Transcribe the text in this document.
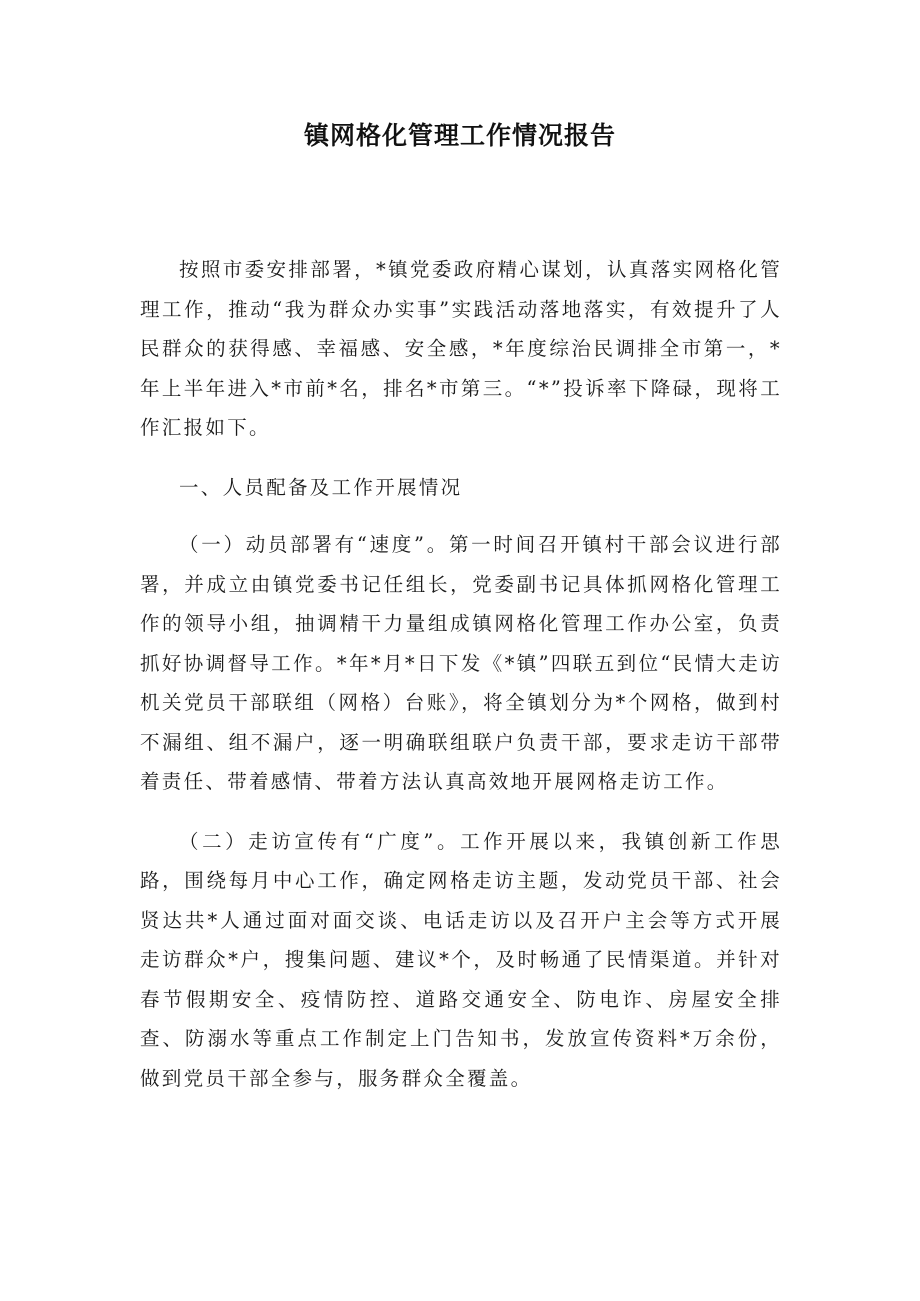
镇网格化管理工作情况报告

按照市委安排部署，*镇党委政府精心谋划，认真落实网格化管理工作，推动“我为群众办实事”实践活动落地落实，有效提升了人民群众的获得感、幸福感、安全感，*年度综治民调排全市第一，*年上半年进入*市前*名，排名*市第三。“*”投诉率下降碌，现将工作汇报如下。

一、人员配备及工作开展情况

（一）动员部署有“速度”。第一时间召开镇村干部会议进行部署，并成立由镇党委书记任组长，党委副书记具体抓网格化管理工作的领导小组，抽调精干力量组成镇网格化管理工作办公室，负责抓好协调督导工作。*年*月*日下发《*镇”四联五到位“民情大走访机关党员干部联组（网格）台账》，将全镇划分为*个网格，做到村不漏组、组不漏户，逐一明确联组联户负责干部，要求走访干部带着责任、带着感情、带着方法认真高效地开展网格走访工作。

（二）走访宣传有“广度”。工作开展以来，我镇创新工作思路，围绕每月中心工作，确定网格走访主题，发动党员干部、社会贤达共*人通过面对面交谈、电话走访以及召开户主会等方式开展走访群众*户，搜集问题、建议*个，及时畅通了民情渠道。并针对春节假期安全、疫情防控、道路交通安全、防电诈、房屋安全排查、防溺水等重点工作制定上门告知书，发放宣传资料*万余份，做到党员干部全参与，服务群众全覆盖。
